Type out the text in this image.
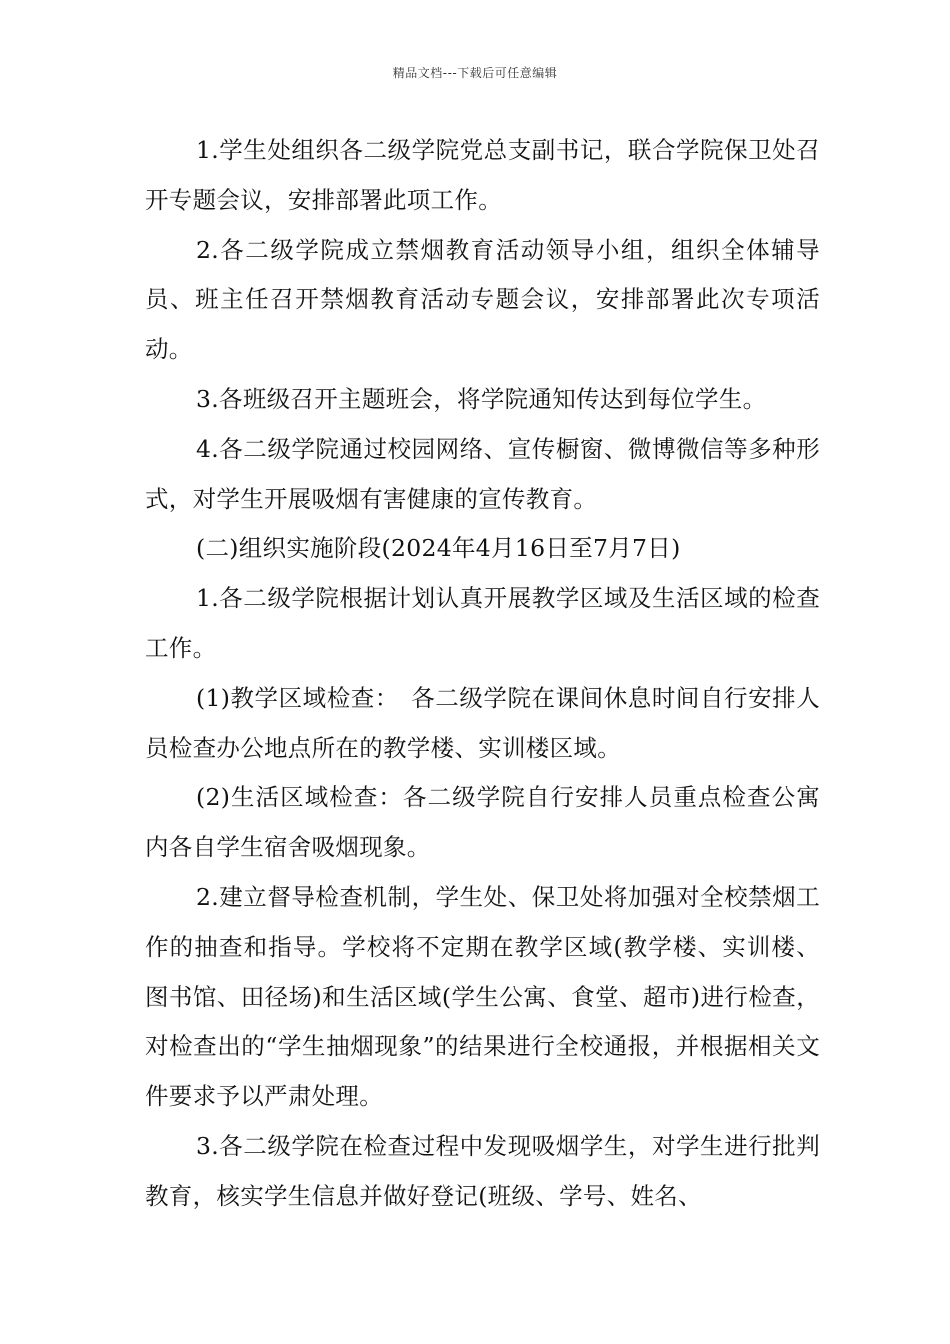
精品文档---下载后可任意编辑

1.学生处组织各二级学院党总支副书记，联合学院保卫处召开专题会议，安排部署此项工作。

2.各二级学院成立禁烟教育活动领导小组，组织全体辅导员、班主任召开禁烟教育活动专题会议，安排部署此次专项活动。

3.各班级召开主题班会，将学院通知传达到每位学生。

4.各二级学院通过校园网络、宣传橱窗、微博微信等多种形式，对学生开展吸烟有害健康的宣传教育。

(二)组织实施阶段(2024年4月16日至7月7日)

1.各二级学院根据计划认真开展教学区域及生活区域的检查工作。

(1)教学区域检查：　各二级学院在课间休息时间自行安排人员检查办公地点所在的教学楼、实训楼区域。

(2)生活区域检查：各二级学院自行安排人员重点检查公寓内各自学生宿舍吸烟现象。

2.建立督导检查机制，学生处、保卫处将加强对全校禁烟工作的抽查和指导。学校将不定期在教学区域(教学楼、实训楼、图书馆、田径场)和生活区域(学生公寓、食堂、超市)进行检查，对检查出的“学生抽烟现象”的结果进行全校通报，并根据相关文件要求予以严肃处理。

3.各二级学院在检查过程中发现吸烟学生，对学生进行批判教育，核实学生信息并做好登记(班级、学号、姓名、
